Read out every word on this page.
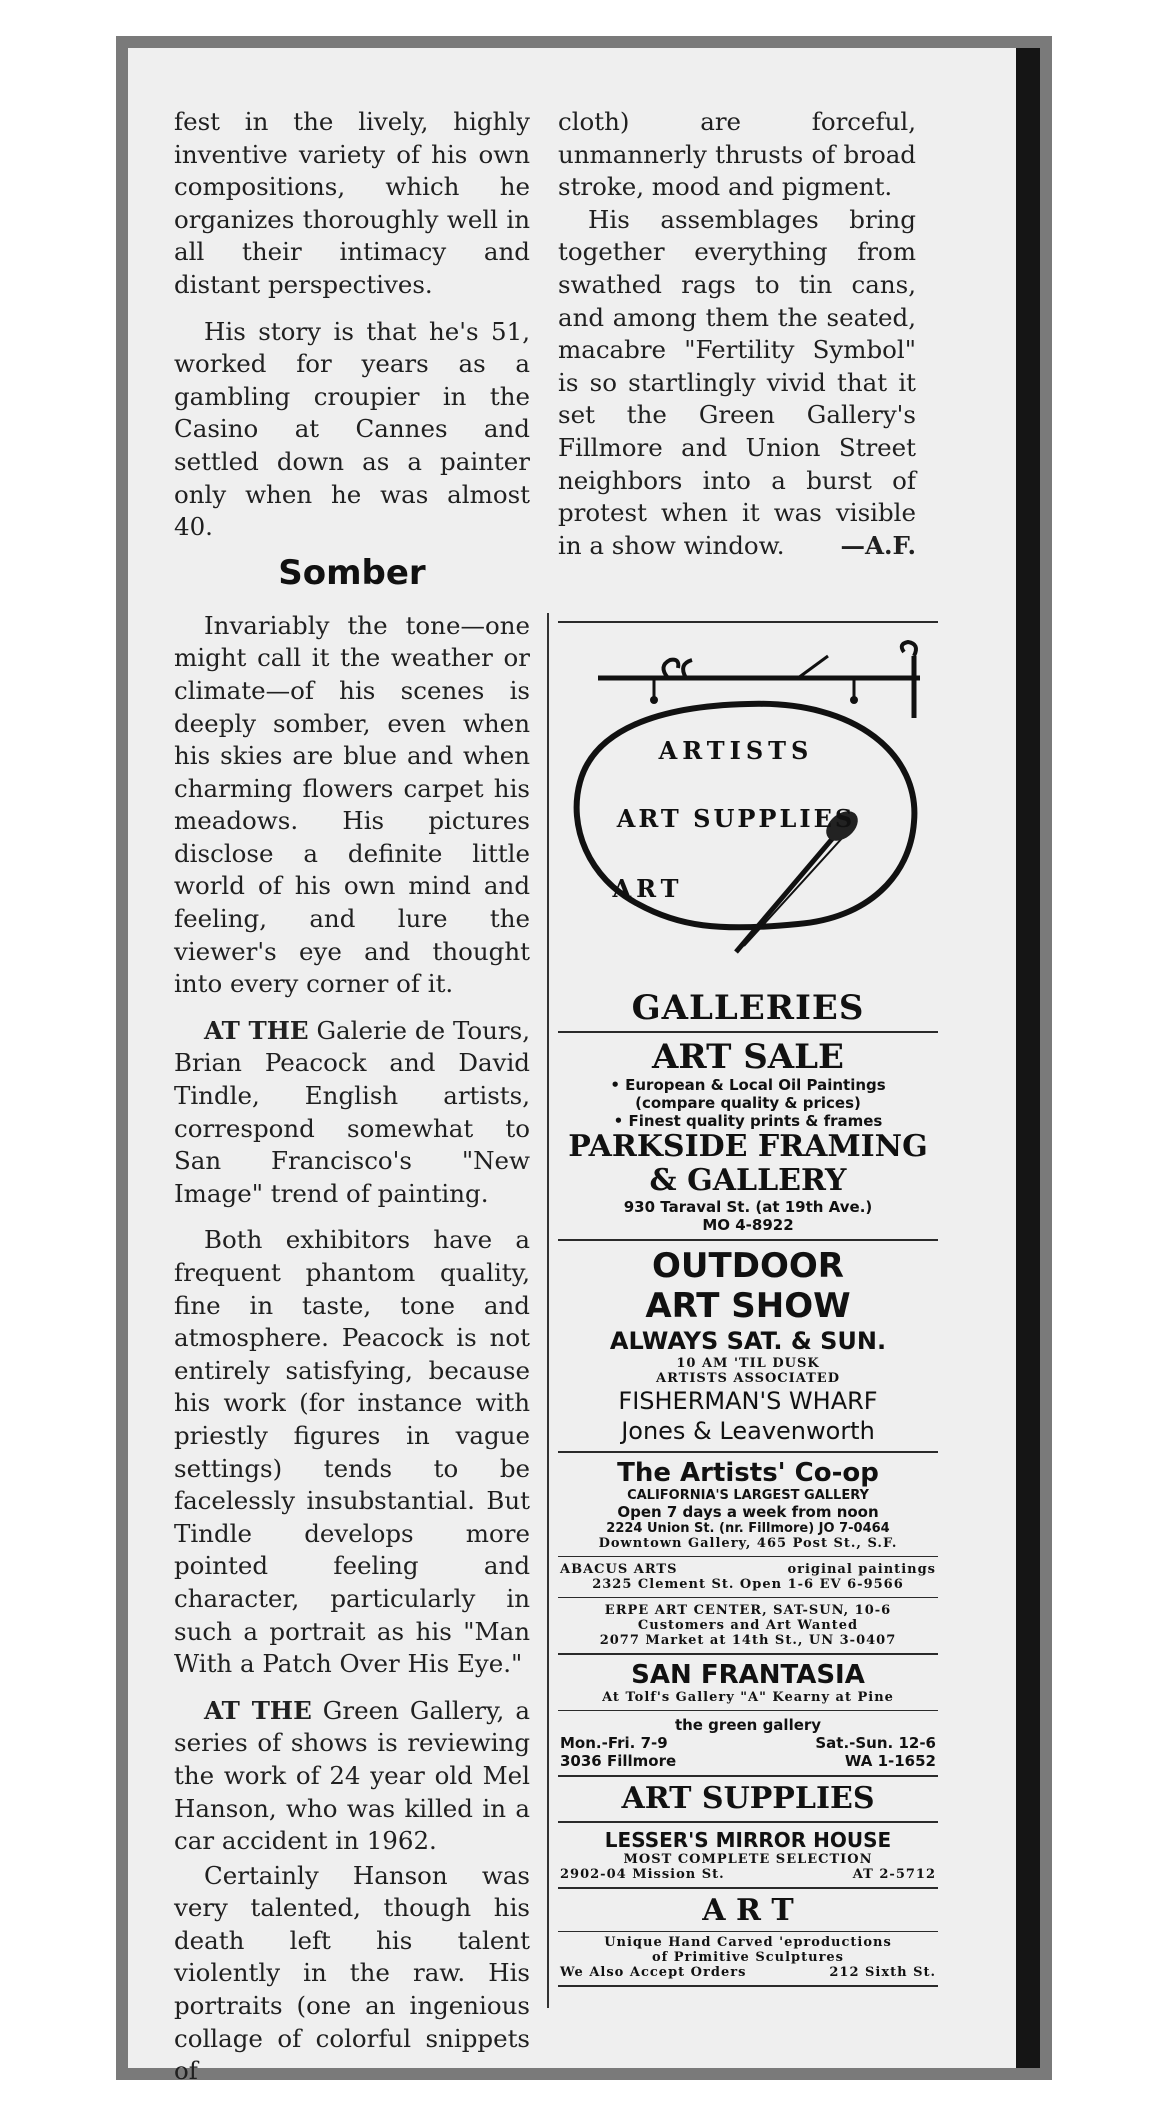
fest in the lively, highly inventive variety of his own compositions, which he organizes thoroughly well in all their intimacy and distant perspectives.

His story is that he's 51, worked for years as a gambling croupier in the Casino at Cannes and settled down as a painter only when he was almost 40.

Somber

Invariably the tone—one might call it the weather or climate—of his scenes is deeply somber, even when his skies are blue and when charming flowers carpet his meadows. His pictures disclose a definite little world of his own mind and feeling, and lure the viewer's eye and thought into every corner of it.

AT THE Galerie de Tours, Brian Peacock and David Tindle, English artists, correspond somewhat to San Francisco's "New Image" trend of painting.

Both exhibitors have a frequent phantom quality, fine in taste, tone and atmosphere. Peacock is not entirely satisfying, because his work (for instance with priestly figures in vague settings) tends to be facelessly insubstantial. But Tindle develops more pointed feeling and character, particularly in such a portrait as his "Man With a Patch Over His Eye."

AT THE Green Gallery, a series of shows is reviewing the work of 24 year old Mel Hanson, who was killed in a car accident in 1962.

Certainly Hanson was very talented, though his death left his talent violently in the raw. His portraits (one an ingenious collage of colorful snippets of

cloth) are forceful, unmannerly thrusts of broad stroke, mood and pigment.

His assemblages bring together everything from swathed rags to tin cans, and among them the seated, macabre "Fertility Symbol" is so startlingly vivid that it set the Green Gallery's Fillmore and Union Street neighbors into a burst of protest when it was visible in a show window.	—A.F.

ARTISTS
ART SUPPLIES
ART
GALLERIES
ART SALE
• European & Local Oil Paintings
(compare quality & prices)
• Finest quality prints & frames
PARKSIDE FRAMING
& GALLERY
930 Taraval St. (at 19th Ave.)
MO 4-8922
OUTDOOR
ART SHOW
ALWAYS SAT. & SUN.
10 AM 'TIL DUSK
ARTISTS ASSOCIATED
FISHERMAN'S WHARF
Jones & Leavenworth
The Artists' Co-op
CALIFORNIA'S LARGEST GALLERY
Open 7 days a week from noon
2224 Union St. (nr. Fillmore) JO 7-0464
Downtown Gallery, 465 Post St., S.F.
ABACUS ARTS	original paintings
2325 Clement St. Open 1-6 EV 6-9566
ERPE ART CENTER, SAT-SUN, 10-6
Customers and Art Wanted
2077 Market at 14th St., UN 3-0407
SAN FRANTASIA
At Tolf's Gallery "A" Kearny at Pine
the green gallery
Mon.-Fri. 7-9	Sat.-Sun. 12-6
3036 Fillmore	WA 1-1652
ART SUPPLIES
LESSER'S MIRROR HOUSE
MOST COMPLETE SELECTION
2902-04 Mission St.	AT 2-5712
A R T
Unique Hand Carved 'eproductions
of Primitive Sculptures
We Also Accept Orders	212 Sixth St.
